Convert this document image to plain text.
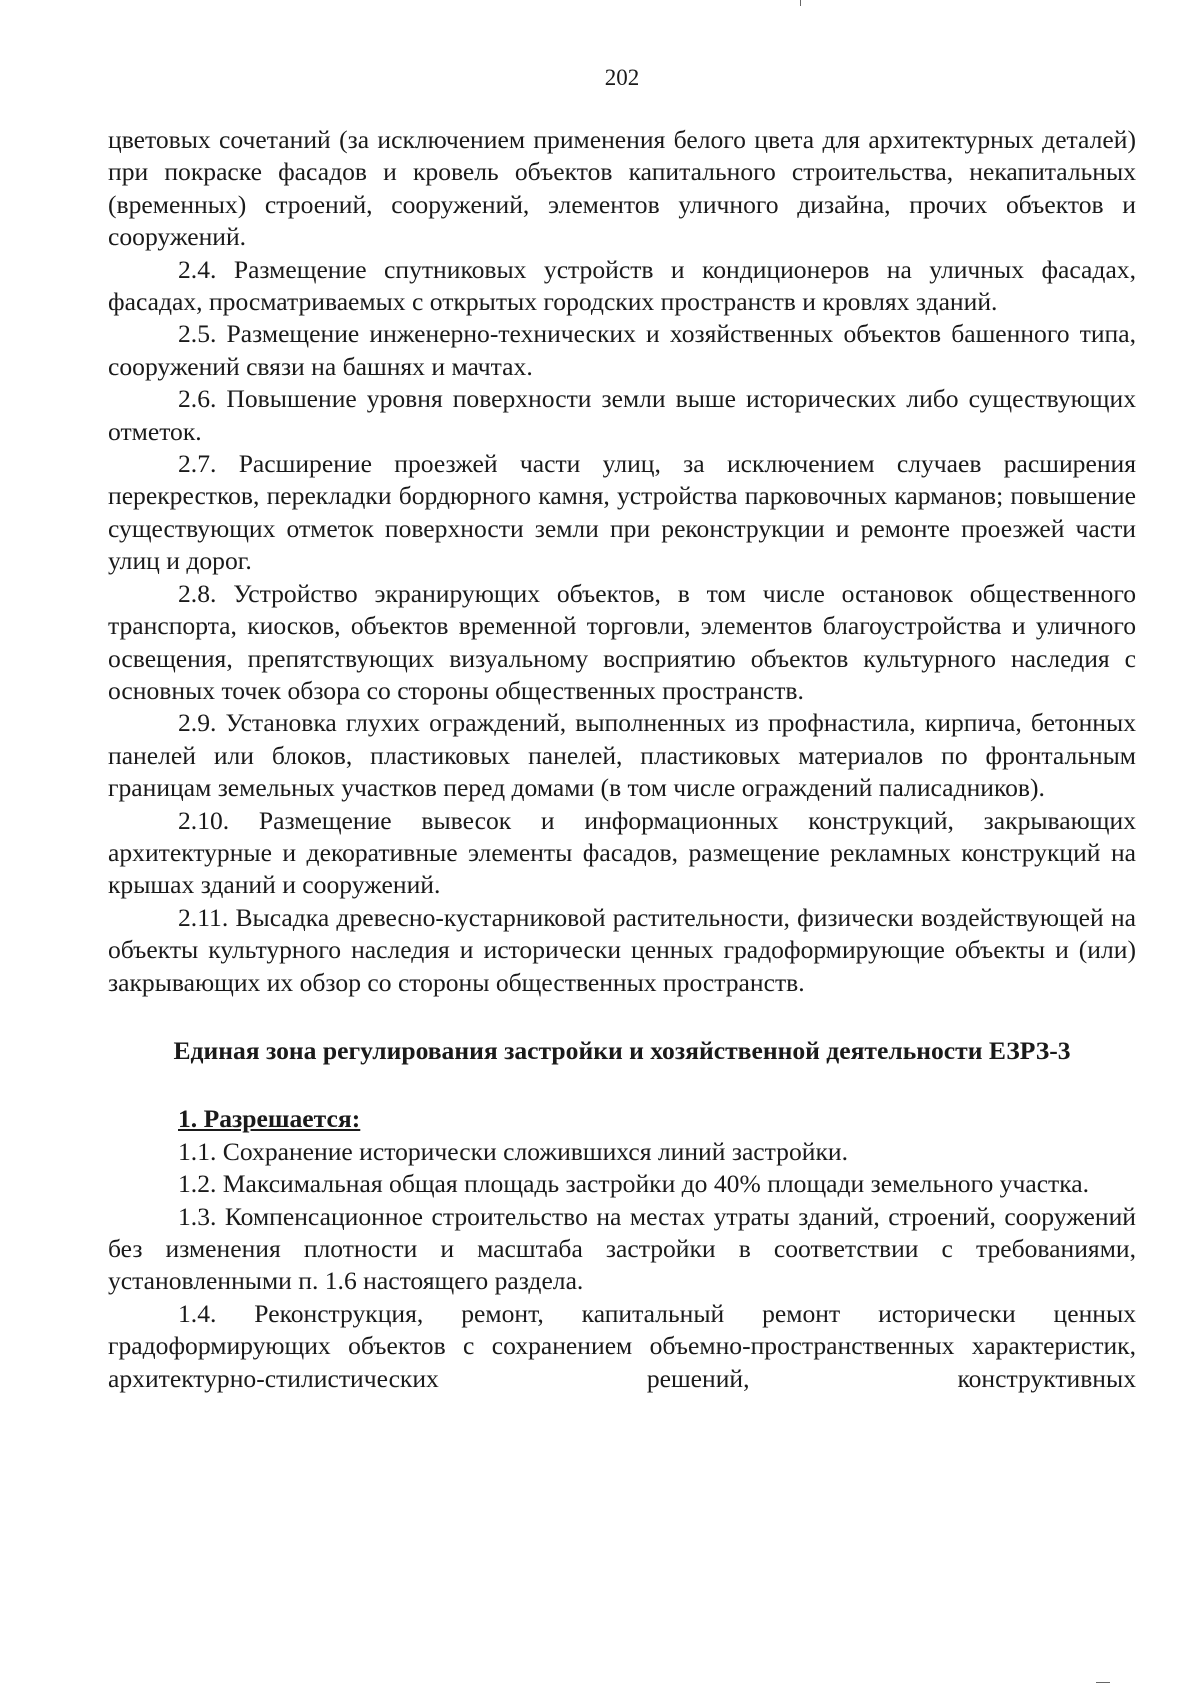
202

цветовых сочетаний (за исключением применения белого цвета для архитектурных деталей) при покраске фасадов и кровель объектов капитального строительства, некапитальных (временных) строений, сооружений, элементов уличного дизайна, прочих объектов и сооружений.

2.4. Размещение спутниковых устройств и кондиционеров на уличных фасадах, фасадах, просматриваемых с открытых городских пространств и кровлях зданий.

2.5. Размещение инженерно-технических и хозяйственных объектов башенного типа, сооружений связи на башнях и мачтах.

2.6. Повышение уровня поверхности земли выше исторических либо существующих отметок.

2.7. Расширение проезжей части улиц, за исключением случаев расширения перекрестков, перекладки бордюрного камня, устройства парковочных карманов; повышение существующих отметок поверхности земли при реконструкции и ремонте проезжей части улиц и дорог.

2.8. Устройство экранирующих объектов, в том числе остановок общественного транспорта, киосков, объектов временной торговли, элементов благоустройства и уличного освещения, препятствующих визуальному восприятию объектов культурного наследия с основных точек обзора со стороны общественных пространств.

2.9. Установка глухих ограждений, выполненных из профнастила, кирпича, бетонных панелей или блоков, пластиковых панелей, пластиковых материалов по фронтальным границам земельных участков перед домами (в том числе ограждений палисадников).

2.10. Размещение вывесок и информационных конструкций, закрывающих архитектурные и декоративные элементы фасадов, размещение рекламных конструкций на крышах зданий и сооружений.

2.11. Высадка древесно-кустарниковой растительности, физически воздействующей на объекты культурного наследия и исторически ценных градоформирующие объекты и (или) закрывающих их обзор со стороны общественных пространств.

Единая зона регулирования застройки и хозяйственной деятельности ЕЗРЗ-3

1. Разрешается:

1.1. Сохранение исторически сложившихся линий застройки.

1.2. Максимальная общая площадь застройки до 40% площади земельного участка.

1.3. Компенсационное строительство на местах утраты зданий, строений, сооружений без изменения плотности и масштаба застройки в соответствии с требованиями, установленными п. 1.6 настоящего раздела.

1.4. Реконструкция, ремонт, капитальный ремонт исторически ценных градоформирующих объектов с сохранением объемно-пространственных характеристик, архитектурно-стилистических решений, конструктивных
